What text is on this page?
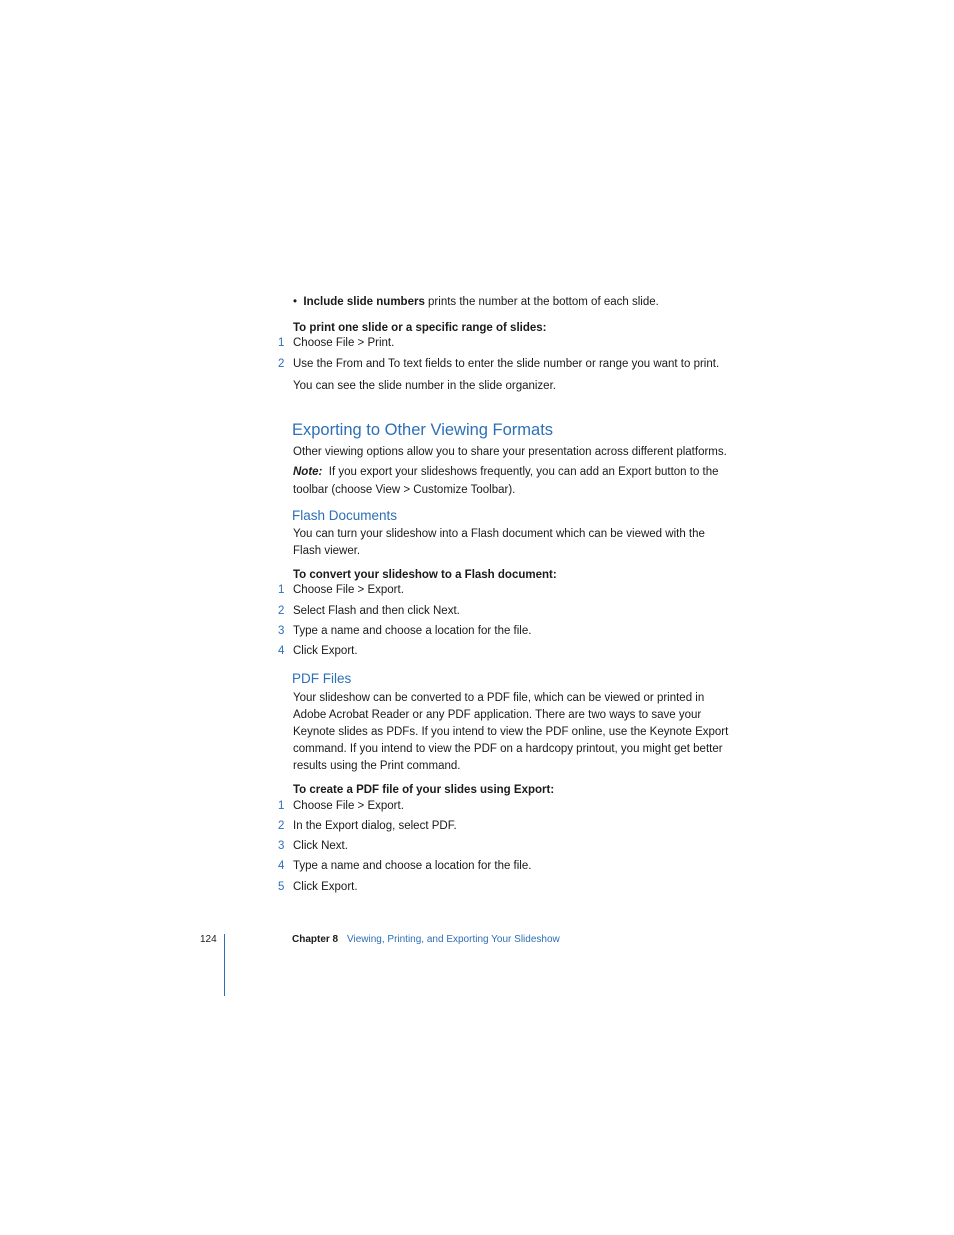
•  Include slide numbers prints the number at the bottom of each slide.
To print one slide or a specific range of slides:
1 Choose File > Print.
2 Use the From and To text fields to enter the slide number or range you want to print.
You can see the slide number in the slide organizer.
Exporting to Other Viewing Formats
Other viewing options allow you to share your presentation across different platforms.
Note: If you export your slideshows frequently, you can add an Export button to the
toolbar (choose View > Customize Toolbar).
Flash Documents
You can turn your slideshow into a Flash document which can be viewed with the
Flash viewer.
To convert your slideshow to a Flash document:
1 Choose File > Export.
2 Select Flash and then click Next.
3 Type a name and choose a location for the file.
4 Click Export.
PDF Files
Your slideshow can be converted to a PDF file, which can be viewed or printed in
Adobe Acrobat Reader or any PDF application. There are two ways to save your
Keynote slides as PDFs. If you intend to view the PDF online, use the Keynote Export
command. If you intend to view the PDF on a hardcopy printout, you might get better
results using the Print command.
To create a PDF file of your slides using Export:
1 Choose File > Export.
2 In the Export dialog, select PDF.
3 Click Next.
4 Type a name and choose a location for the file.
5 Click Export.
124	Chapter 8 Viewing, Printing, and Exporting Your Slideshow
